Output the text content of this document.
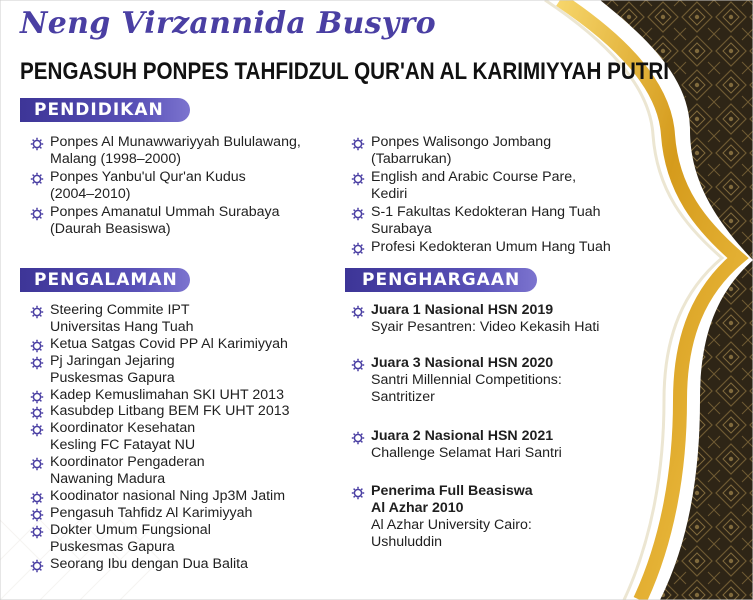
Neng Virzannida Busyro
PENGASUH PONPES TAHFIDZUL QUR'AN AL KARIMIYYAH PUTRI
PENDIDIKAN
Ponpes Al Munawwariyyah Bululawang,
Malang (1998–2000)
Ponpes Yanbu'ul Qur'an Kudus
(2004–2010)
Ponpes Amanatul Ummah Surabaya
(Daurah Beasiswa)
Ponpes Walisongo Jombang
(Tabarrukan)
English and Arabic Course Pare,
Kediri
S-1 Fakultas Kedokteran Hang Tuah
Surabaya
Profesi Kedokteran Umum Hang Tuah
PENGALAMAN
Steering Commite IPT
Universitas Hang Tuah
Ketua Satgas Covid PP Al Karimiyyah
Pj Jaringan Jejaring
Puskesmas Gapura
Kadep Kemuslimahan SKI UHT 2013
Kasubdep Litbang BEM FK UHT 2013
Koordinator Kesehatan
Kesling FC Fatayat NU
Koordinator Pengaderan
Nawaning Madura
Koodinator nasional Ning Jp3M Jatim
Pengasuh Tahfidz Al Karimiyyah
Dokter Umum Fungsional
Puskesmas Gapura
Seorang Ibu dengan Dua Balita
PENGHARGAAN
Juara 1 Nasional HSN 2019
Syair Pesantren: Video Kekasih Hati
Juara 3 Nasional HSN 2020
Santri Millennial Competitions:
Santritizer
Juara 2 Nasional HSN 2021
Challenge Selamat Hari Santri
Penerima Full Beasiswa
Al Azhar 2010
Al Azhar University Cairo:
Ushuluddin
